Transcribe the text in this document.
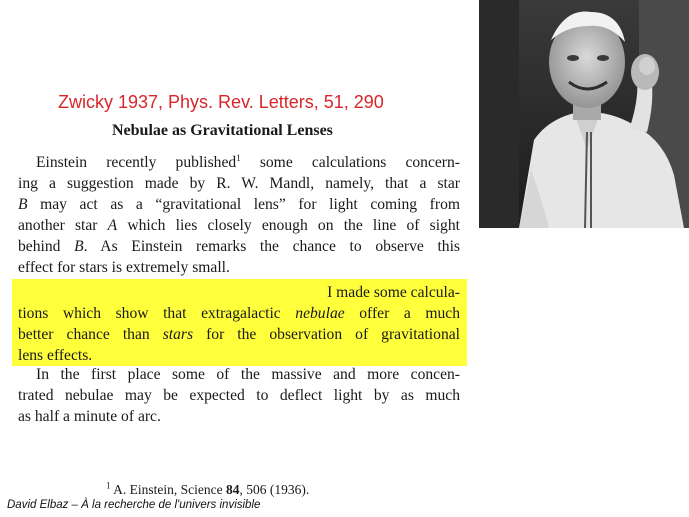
Zwicky 1937, Phys. Rev. Letters, 51, 290
Nebulae as Gravitational Lenses
Einstein recently published$^1$ some calculations concern-
ing a suggestion made by R. W. Mandl, namely, that a star
B may act as a “gravitational lens” for light coming from
another star A which lies closely enough on the line of sight
behind B. As Einstein remarks the chance to observe this
effect for stars is extremely small.
I made some calcula-
tions which show that extragalactic nebulae offer a much
better chance than stars for the observation of gravitational
lens effects.
In the first place some of the massive and more concen-
trated nebulae may be expected to deflect light by as much
as half a minute of arc.
$^1$ A. Einstein, Science 84, 506 (1936).
David Elbaz – À la recherche de l'univers invisible
